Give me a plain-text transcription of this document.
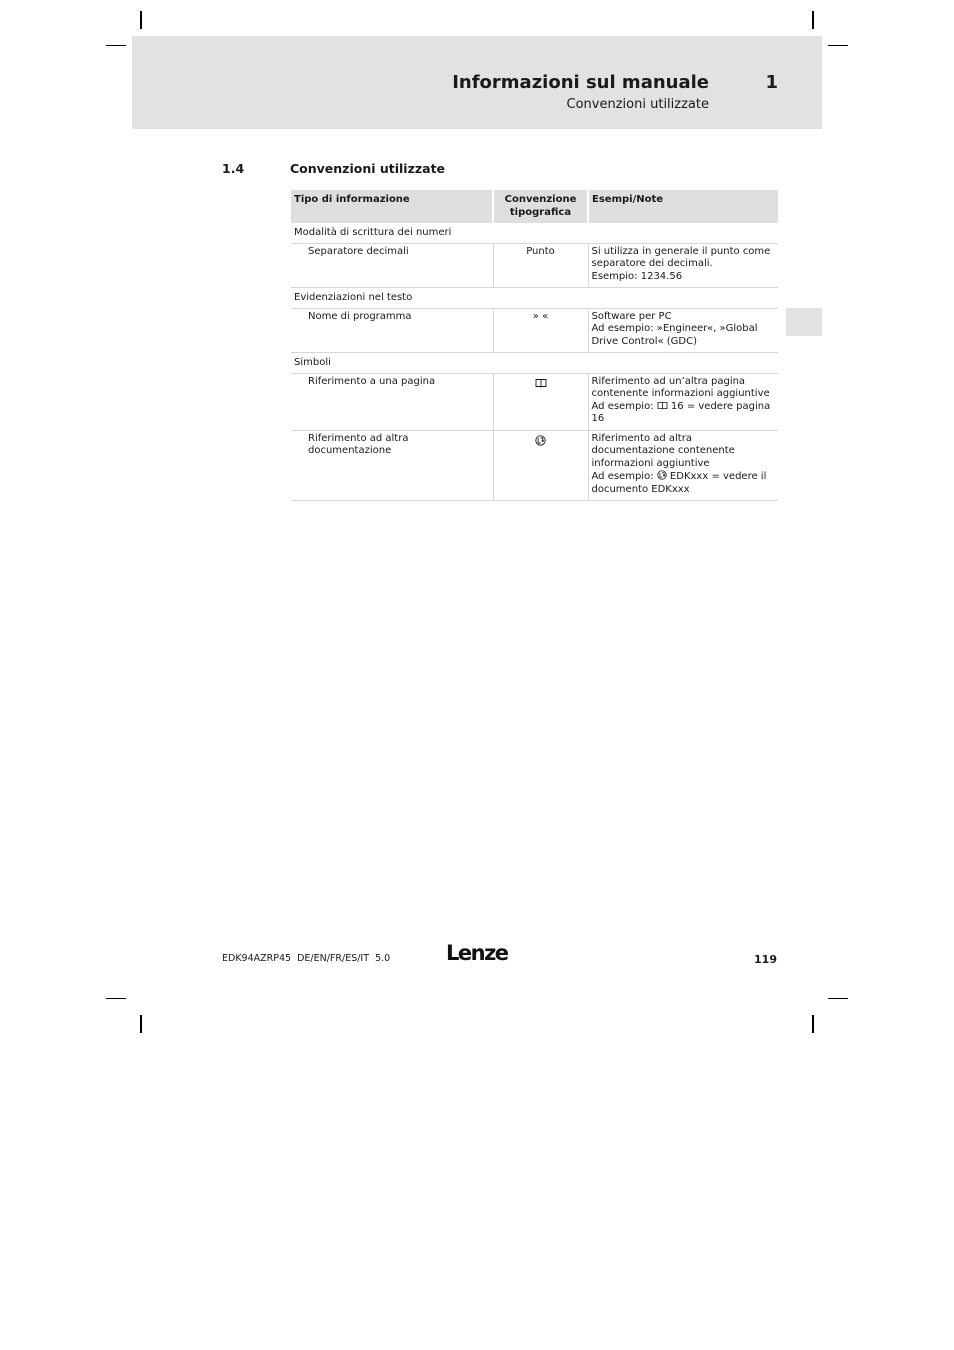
Informazioni sul manuale	1
Convenzioni utilizzate
1.4	Convenzioni utilizzate
Tipo di informazione	Convenzione tipografica	Esempi/Note
Modalità di scrittura dei numeri		
Separatore decimali	Punto	Si utilizza in generale il punto come separatore dei decimali.
Esempio: 1234.56

Evidenziazioni nel testo		
Nome di programma	» «	Software per PC
Ad esempio: »Engineer«, »Global Drive Control« (GDC)

Simboli		
Riferimento a una pagina		Riferimento ad un’altra pagina contenente informazioni aggiuntive
Ad esempio:  16 = vedere pagina 16

Riferimento ad altra documentazione		Riferimento ad altra documentazione contenente informazioni aggiuntive
Ad esempio:  EDKxxx = vedere il documento EDKxxx
EDK94AZRP45  DE/EN/FR/ES/IT  5.0	Lenze	119
